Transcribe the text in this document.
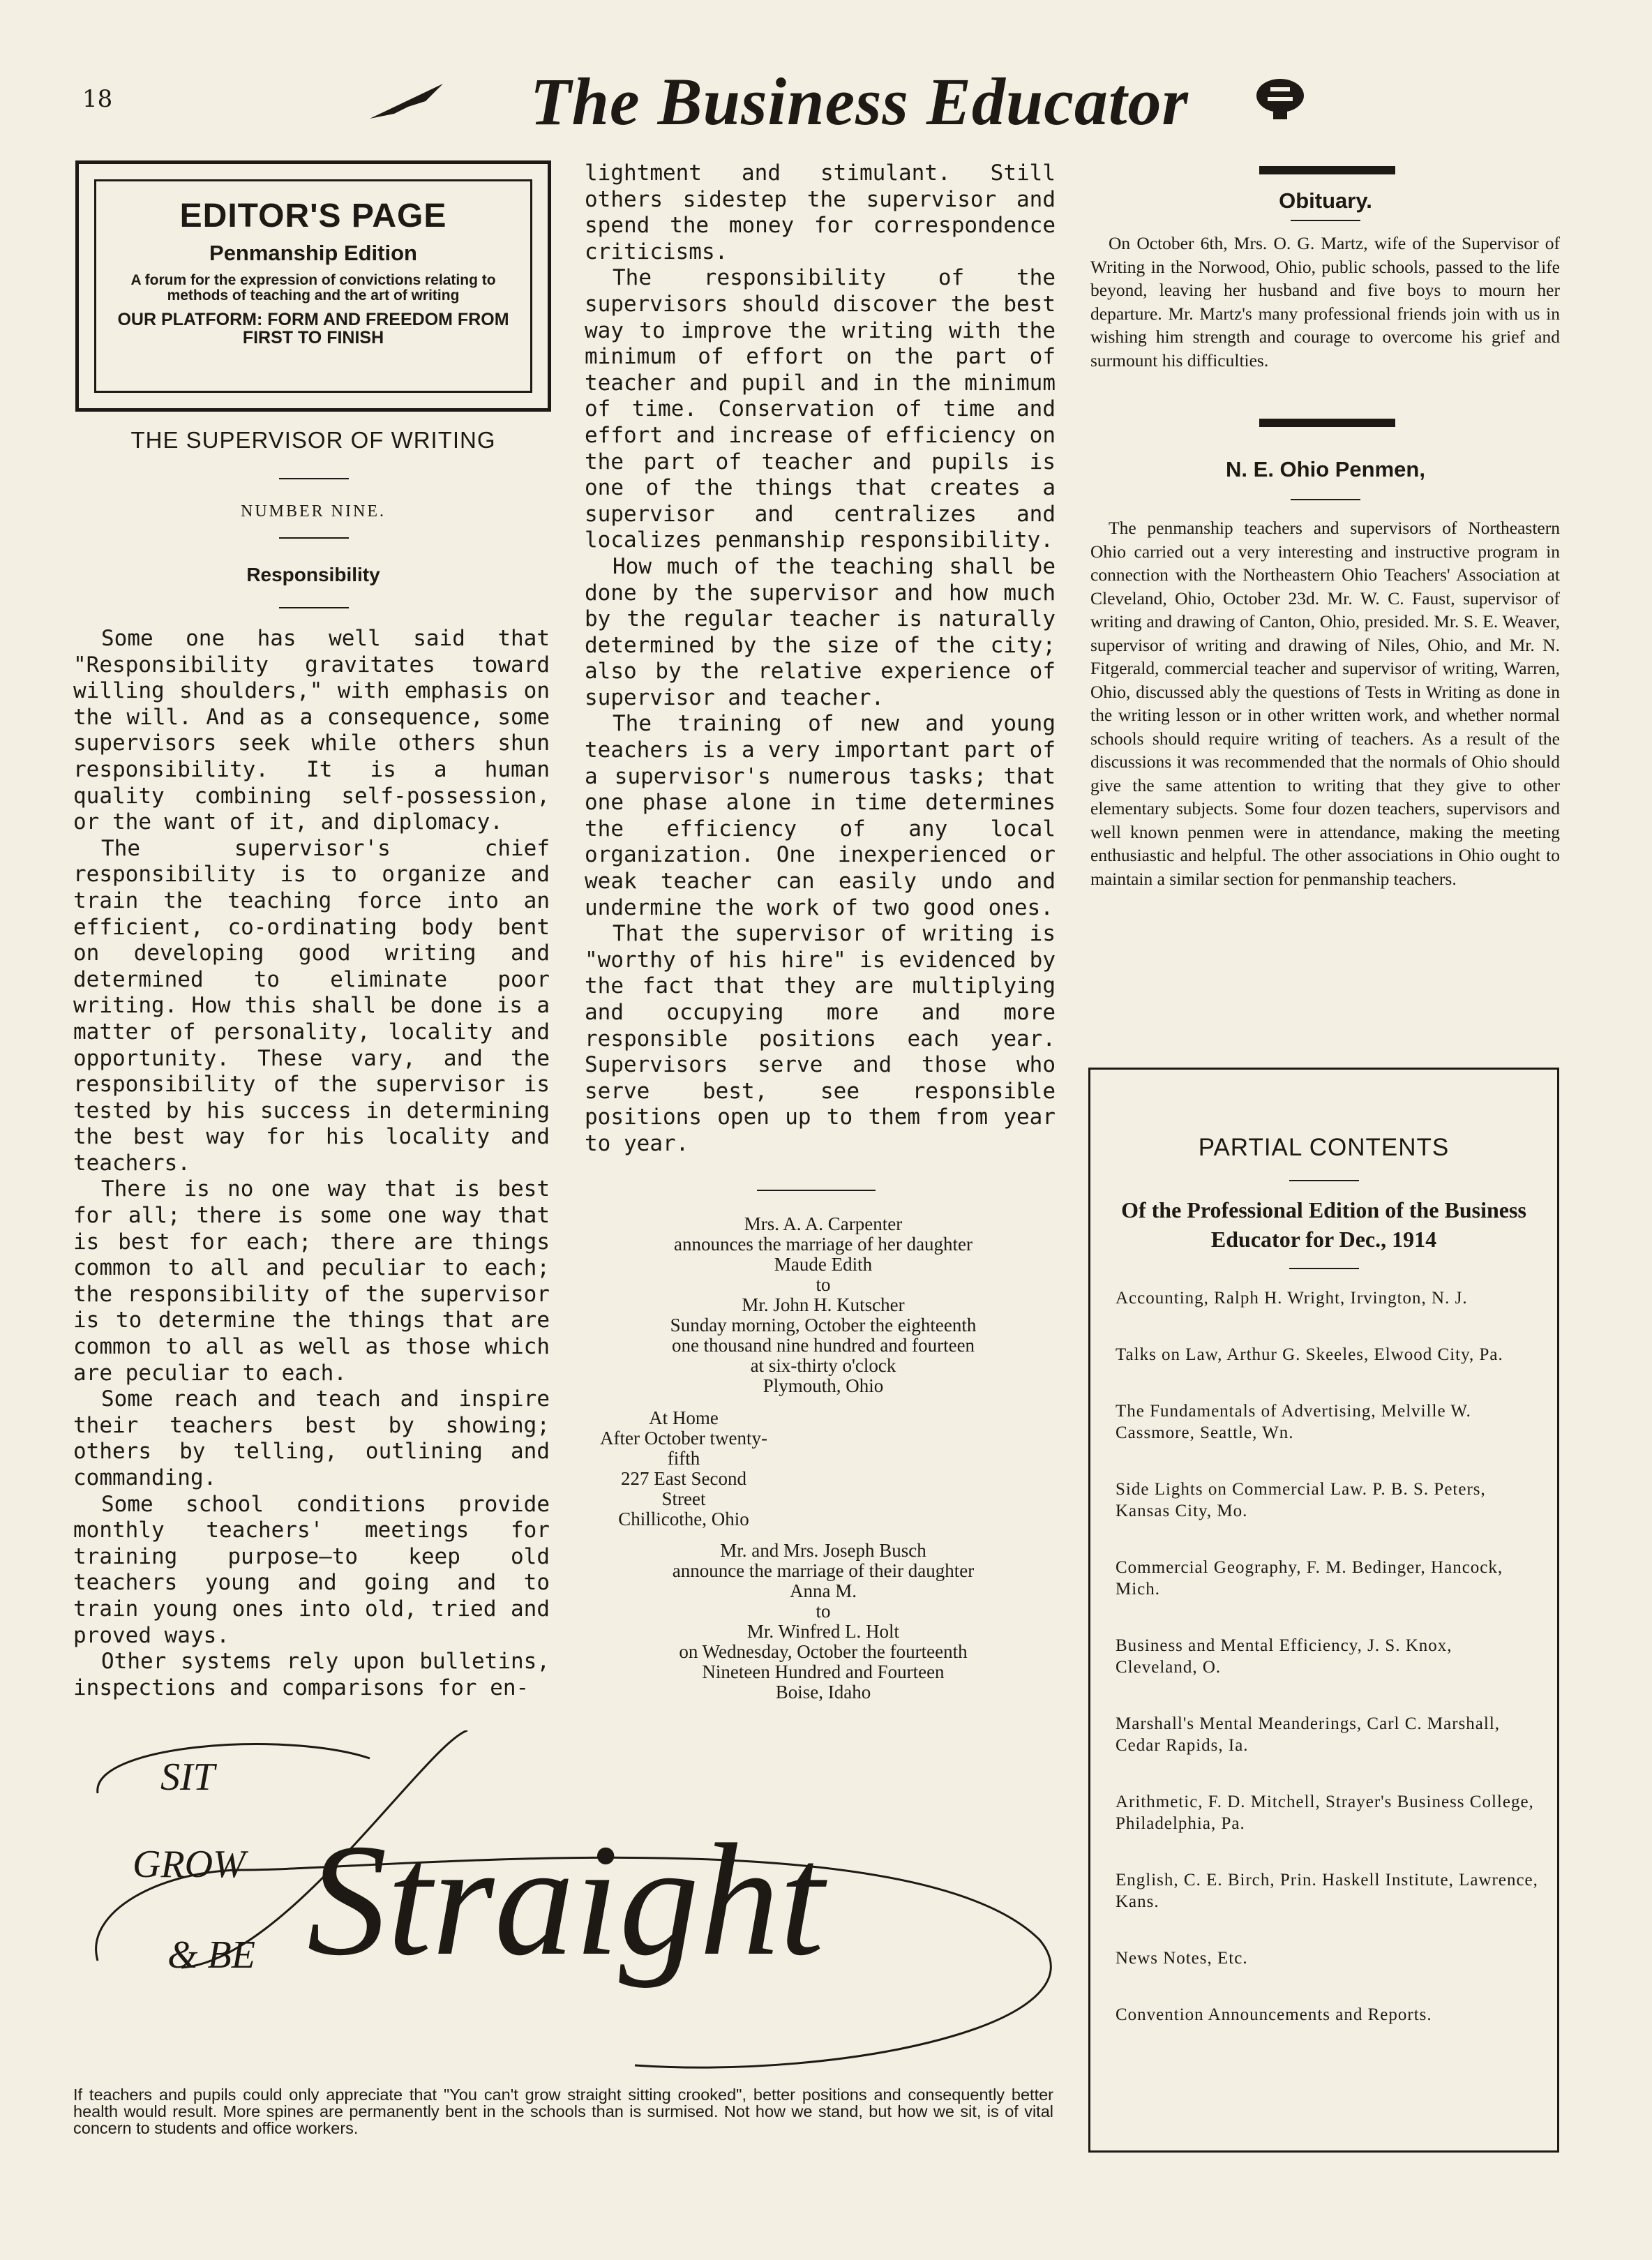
18	The Business Educator
EDITOR'S PAGE
Penmanship Edition
A forum for the expression of convictions relating to methods of teaching and the art of writing
OUR PLATFORM: FORM AND FREEDOM FROM FIRST TO FINISH
THE SUPERVISOR OF WRITING
NUMBER NINE.
Responsibility

Some one has well said that "Responsibility gravitates toward willing shoulders," with emphasis on the will. And as a consequence, some supervisors seek while others shun responsibility. It is a human quality combining self-possession, or the want of it, and diplomacy.

The supervisor's chief responsibility is to organize and train the teaching force into an efficient, co-ordinating body bent on developing good writing and determined to eliminate poor writing. How this shall be done is a matter of personality, locality and opportunity. These vary, and the responsibility of the supervisor is tested by his success in determining the best way for his locality and teachers.

There is no one way that is best for all; there is some one way that is best for each; there are things common to all and peculiar to each; the responsibility of the supervisor is to determine the things that are common to all as well as those which are peculiar to each.

Some reach and teach and inspire their teachers best by showing; others by telling, outlining and commanding.

Some school conditions provide monthly teachers' meetings for training purpose—to keep old teachers young and going and to train young ones into old, tried and proved ways.

Other systems rely upon bulletins, inspections and comparisons for en-

lightment and stimulant. Still others sidestep the supervisor and spend the money for correspondence criticisms.

The responsibility of the supervisors should discover the best way to improve the writing with the minimum of effort on the part of teacher and pupil and in the minimum of time. Conservation of time and effort and increase of efficiency on the part of teacher and pupils is one of the things that creates a supervisor and centralizes and localizes penmanship responsibility.

How much of the teaching shall be done by the supervisor and how much by the regular teacher is naturally determined by the size of the city; also by the relative experience of supervisor and teacher.

The training of new and young teachers is a very important part of a supervisor's numerous tasks; that one phase alone in time determines the efficiency of any local organization. One inexperienced or weak teacher can easily undo and undermine the work of two good ones.

That the supervisor of writing is "worthy of his hire" is evidenced by the fact that they are multiplying and occupying more and more responsible positions each year. Supervisors serve and those who serve best, see responsible positions open up to them from year to year.

Mrs. A. A. Carpenter
announces the marriage of her daughter
Maude Edith
to
Mr. John H. Kutscher
Sunday morning, October the eighteenth
one thousand nine hundred and fourteen
at six-thirty o'clock
Plymouth, Ohio
At Home
After October twenty-fifth
227 East Second Street
Chillicothe, Ohio
Mr. and Mrs. Joseph Busch
announce the marriage of their daughter
Anna M.
to
Mr. Winfred L. Holt
on Wednesday, October the fourteenth
Nineteen Hundred and Fourteen
Boise, Idaho
Obituary.
On October 6th, Mrs. O. G. Martz, wife of the Supervisor of Writing in the Norwood, Ohio, public schools, passed to the life beyond, leaving her husband and five boys to mourn her departure. Mr. Martz's many professional friends join with us in wishing him strength and courage to overcome his grief and surmount his difficulties.
N. E. Ohio Penmen,
The penmanship teachers and supervisors of Northeastern Ohio carried out a very interesting and instructive program in connection with the Northeastern Ohio Teachers' Association at Cleveland, Ohio, October 23d. Mr. W. C. Faust, supervisor of writing and drawing of Canton, Ohio, presided. Mr. S. E. Weaver, supervisor of writing and drawing of Niles, Ohio, and Mr. N. Fitgerald, commercial teacher and supervisor of writing, Warren, Ohio, discussed ably the questions of Tests in Writing as done in the writing lesson or in other written work, and whether normal schools should require writing of teachers. As a result of the discussions it was recommended that the normals of Ohio should give the same attention to writing that they give to other elementary subjects. Some four dozen teachers, supervisors and well known penmen were in attendance, making the meeting enthusiastic and helpful. The other associations in Ohio ought to maintain a similar section for penmanship teachers.
PARTIAL CONTENTS
Of the Professional Edition of the Business Educator for Dec., 1914
Accounting, Ralph H. Wright, Irvington, N. J.
Talks on Law, Arthur G. Skeeles, Elwood City, Pa.
The Fundamentals of Advertising, Melville W. Cassmore, Seattle, Wn.
Side Lights on Commercial Law. P. B. S. Peters, Kansas City, Mo.
Commercial Geography, F. M. Bedinger, Hancock, Mich.
Business and Mental Efficiency, J. S. Knox, Cleveland, O.
Marshall's Mental Meanderings, Carl C. Marshall, Cedar Rapids, Ia.
Arithmetic, F. D. Mitchell, Strayer's Business College, Philadelphia, Pa.
English, C. E. Birch, Prin. Haskell Institute, Lawrence, Kans.
News Notes, Etc.
Convention Announcements and Reports.
SIT
GROW
& BE Straight
If teachers and pupils could only appreciate that "You can't grow straight sitting crooked", better positions and consequently better health would result. More spines are permanently bent in the schools than is surmised. Not how we stand, but how we sit, is of vital concern to students and office workers.
